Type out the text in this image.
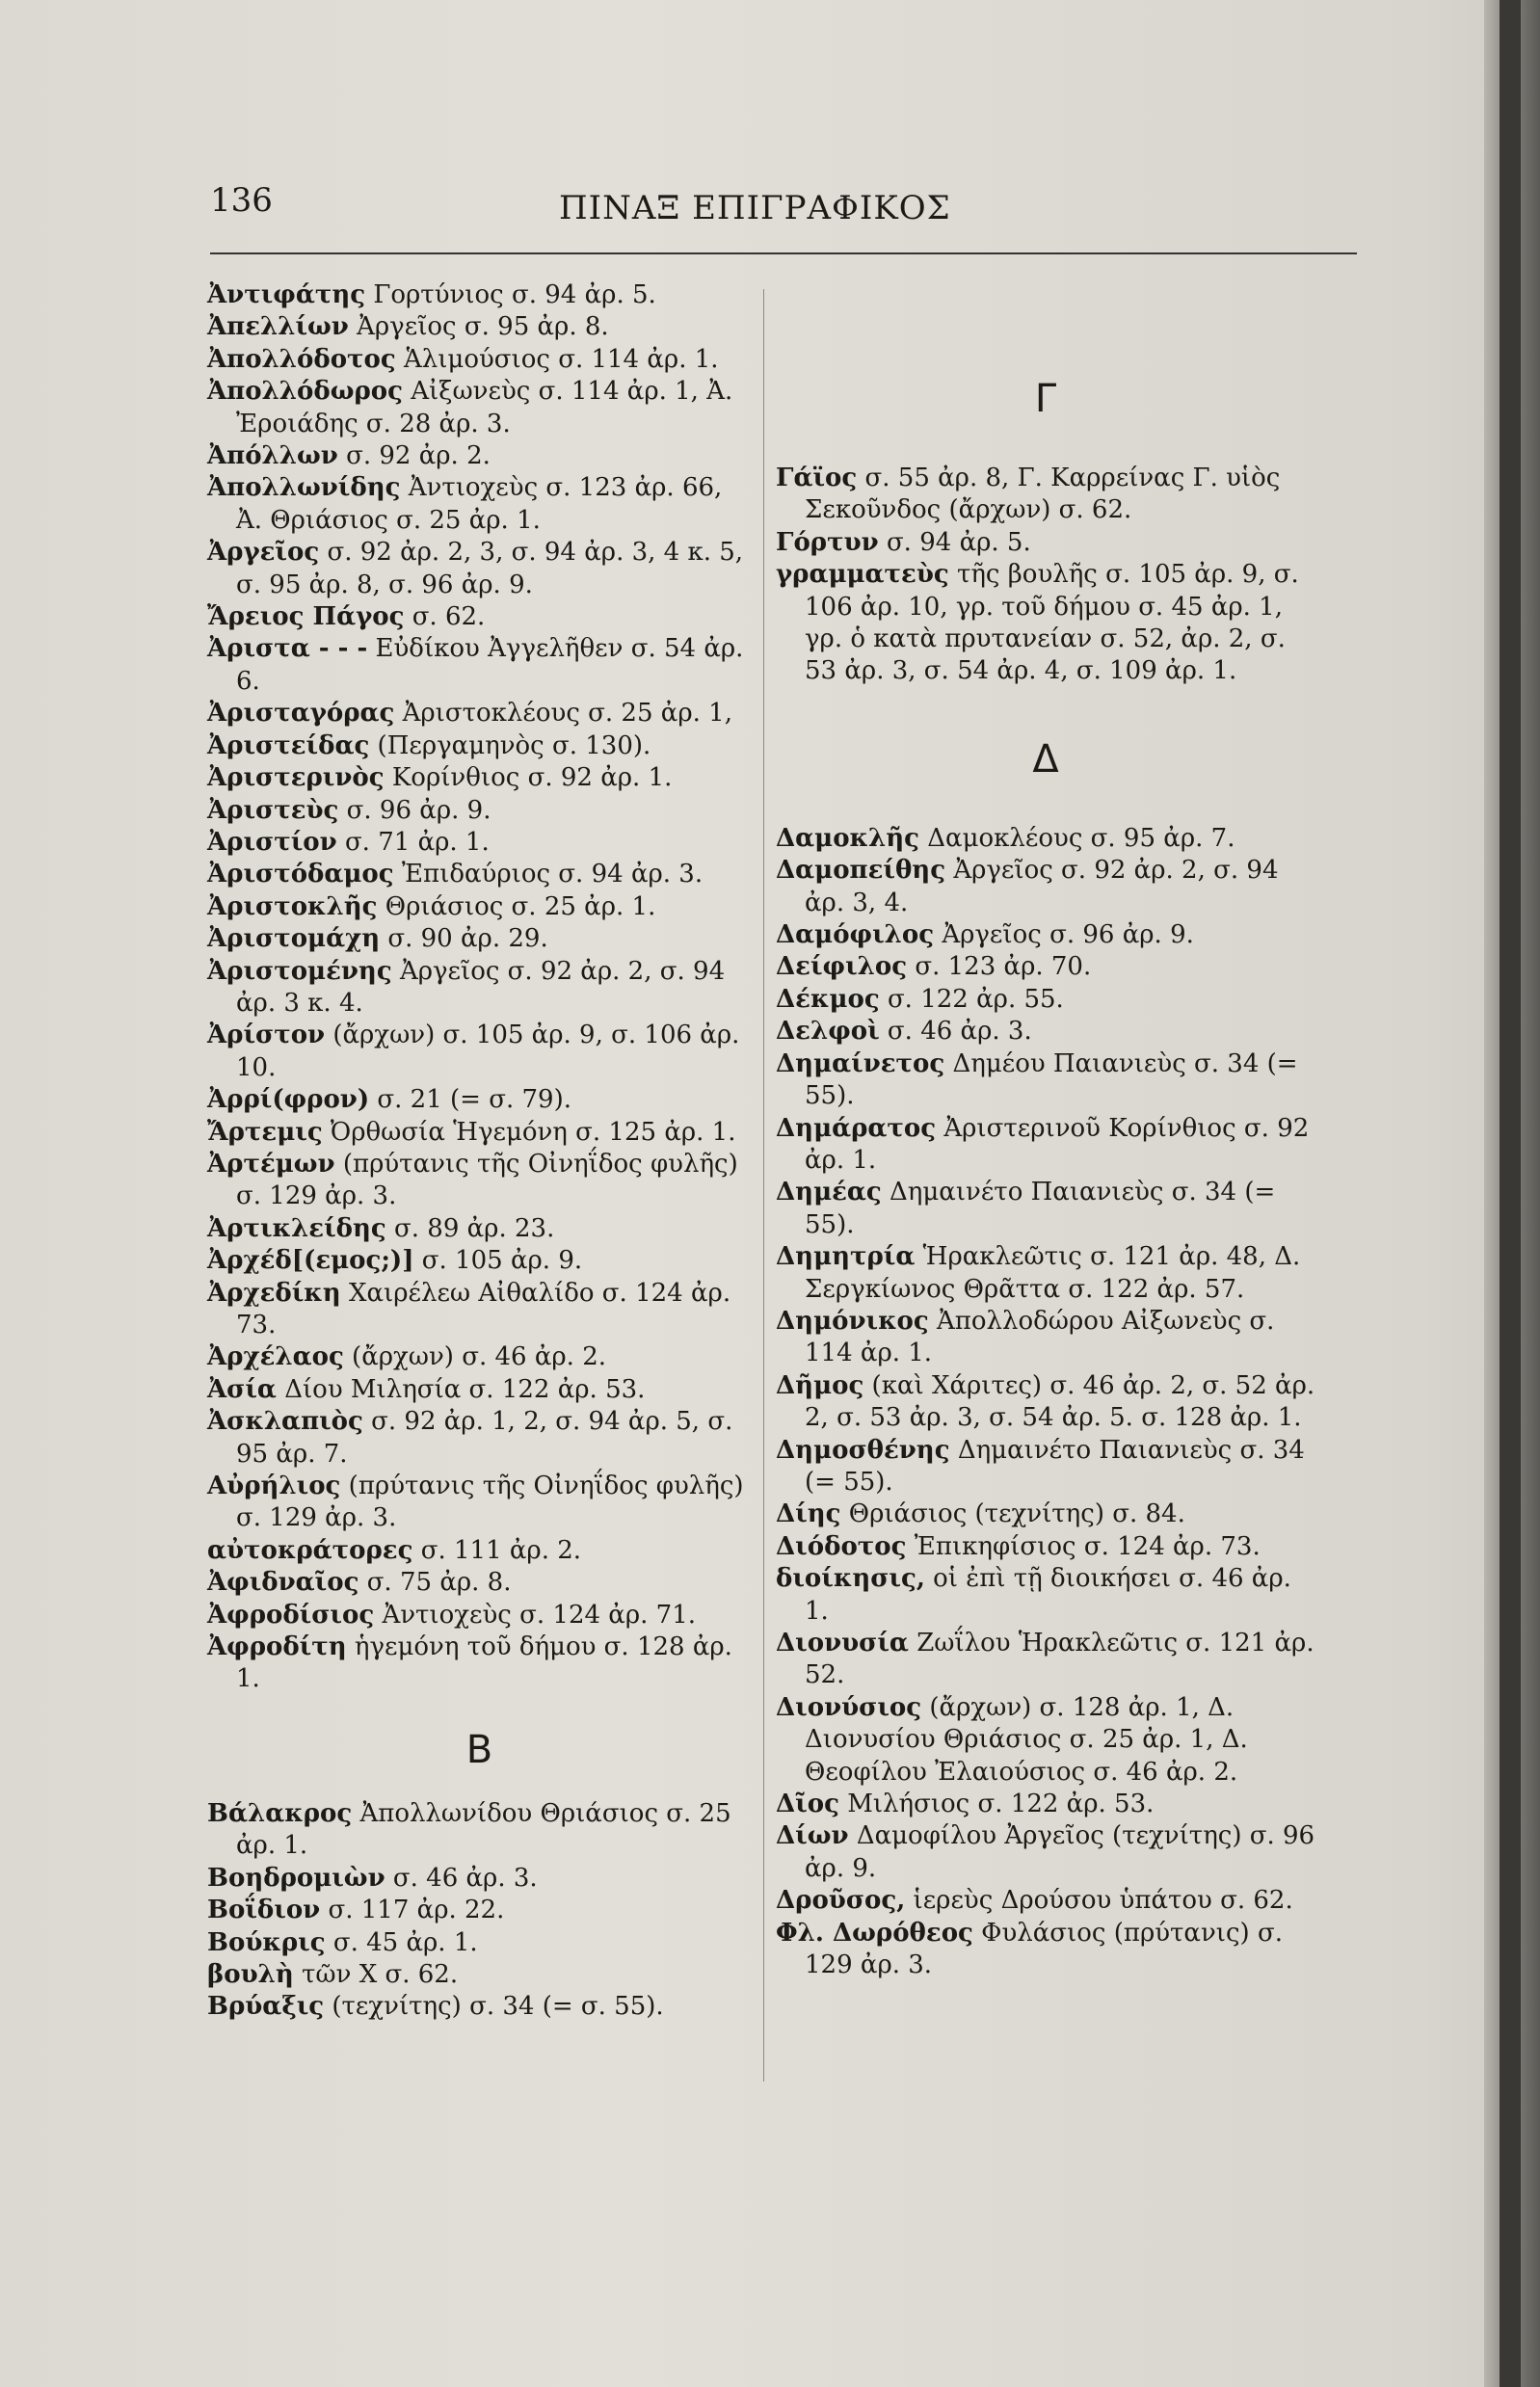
136	ΠΙΝΑΞ ΕΠΙΓΡΑΦΙΚΟΣ
Ἀντιφάτης Γορτύνιος σ. 94 ἀρ. 5.
Ἀπελλίων Ἀργεῖος σ. 95 ἀρ. 8.
Ἀπολλόδοτος Ἁλιμούσιος σ. 114 ἀρ. 1.
Ἀπολλόδωρος Αἰξωνεὺς σ. 114 ἀρ. 1, Ἀ. Ἐροιάδης σ. 28 ἀρ. 3.
Ἀπόλλων σ. 92 ἀρ. 2.
Ἀπολλωνίδης Ἀντιοχεὺς σ. 123 ἀρ. 66, Ἀ. Θριάσιος σ. 25 ἀρ. 1.
Ἀργεῖος σ. 92 ἀρ. 2, 3, σ. 94 ἀρ. 3, 4 κ. 5, σ. 95 ἀρ. 8, σ. 96 ἀρ. 9.
Ἄρειος Πάγος σ. 62.
Ἀριστα - - - Εὐδίκου Ἀγγελῆθεν σ. 54 ἀρ. 6.
Ἀρισταγόρας Ἀριστοκλέους σ. 25 ἀρ. 1,
Ἀριστείδας (Περγαμηνὸς σ. 130).
Ἀριστερινὸς Κορίνθιος σ. 92 ἀρ. 1.
Ἀριστεὺς σ. 96 ἀρ. 9.
Ἀριστίον σ. 71 ἀρ. 1.
Ἀριστόδαμος Ἐπιδαύριος σ. 94 ἀρ. 3.
Ἀριστοκλῆς Θριάσιος σ. 25 ἀρ. 1.
Ἀριστομάχη σ. 90 ἀρ. 29.
Ἀριστομένης Ἀργεῖος σ. 92 ἀρ. 2, σ. 94 ἀρ. 3 κ. 4.
Ἀρίστον (ἄρχων) σ. 105 ἀρ. 9, σ. 106 ἀρ. 10.
Ἀρρί(φρον) σ. 21 (= σ. 79).
Ἄρτεμις Ὀρθωσία Ἡγεμόνη σ. 125 ἀρ. 1.
Ἀρτέμων (πρύτανις τῆς Οἰνηΐδος φυλῆς) σ. 129 ἀρ. 3.
Ἀρτικλείδης σ. 89 ἀρ. 23.
Ἀρχέδ[(εμος;)] σ. 105 ἀρ. 9.
Ἀρχεδίκη Χαιρέλεω Αἰθαλίδο σ. 124 ἀρ. 73.
Ἀρχέλαος (ἄρχων) σ. 46 ἀρ. 2.
Ἀσία Δίου Μιλησία σ. 122 ἀρ. 53.
Ἀσκλαπιὸς σ. 92 ἀρ. 1, 2, σ. 94 ἀρ. 5, σ. 95 ἀρ. 7.
Αὐρήλιος (πρύτανις τῆς Οἰνηΐδος φυλῆς) σ. 129 ἀρ. 3.
αὐτοκράτορες σ. 111 ἀρ. 2.
Ἀφιδναῖος σ. 75 ἀρ. 8.
Ἀφροδίσιος Ἀντιοχεὺς σ. 124 ἀρ. 71.
Ἀφροδίτη ἡγεμόνη τοῦ δήμου σ. 128 ἀρ. 1.
B
Βάλακρος Ἀπολλωνίδου Θριάσιος σ. 25 ἀρ. 1.
Βοηδρομιὼν σ. 46 ἀρ. 3.
Βοΐδιον σ. 117 ἀρ. 22.
Βούκρις σ. 45 ἀρ. 1.
βουλὴ τῶν Χ σ. 62.
Βρύαξις (τεχνίτης) σ. 34 (= σ. 55).
Γ
Γάϊος σ. 55 ἀρ. 8, Γ. Καρρείνας Γ. υἱὸς Σεκοῦνδος (ἄρχων) σ. 62.
Γόρτυν σ. 94 ἀρ. 5.
γραμματεὺς τῆς βουλῆς σ. 105 ἀρ. 9, σ. 106 ἀρ. 10, γρ. τοῦ δήμου σ. 45 ἀρ. 1, γρ. ὁ κατὰ πρυτανείαν σ. 52, ἀρ. 2, σ. 53 ἀρ. 3, σ. 54 ἀρ. 4, σ. 109 ἀρ. 1.
Δ
Δαμοκλῆς Δαμοκλέους σ. 95 ἀρ. 7.
Δαμοπείθης Ἀργεῖος σ. 92 ἀρ. 2, σ. 94 ἀρ. 3, 4.
Δαμόφιλος Ἀργεῖος σ. 96 ἀρ. 9.
Δείφιλος σ. 123 ἀρ. 70.
Δέκμος σ. 122 ἀρ. 55.
Δελφοὶ σ. 46 ἀρ. 3.
Δημαίνετος Δημέου Παιανιεὺς σ. 34 (= 55).
Δημάρατος Ἀριστερινοῦ Κορίνθιος σ. 92 ἀρ. 1.
Δημέας Δημαινέτο Παιανιεὺς σ. 34 (= 55).
Δημητρία Ἡρακλεῶτις σ. 121 ἀρ. 48, Δ. Σεργκίωνος Θρᾶττα σ. 122 ἀρ. 57.
Δημόνικος Ἀπολλοδώρου Αἰξωνεὺς σ. 114 ἀρ. 1.
Δῆμος (καὶ Χάριτες) σ. 46 ἀρ. 2, σ. 52 ἀρ. 2, σ. 53 ἀρ. 3, σ. 54 ἀρ. 5. σ. 128 ἀρ. 1.
Δημοσθένης Δημαινέτο Παιανιεὺς σ. 34 (= 55).
Δίης Θριάσιος (τεχνίτης) σ. 84.
Διόδοτος Ἐπικηφίσιος σ. 124 ἀρ. 73.
διοίκησις, οἱ ἐπὶ τῇ διοικήσει σ. 46 ἀρ. 1.
Διονυσία Ζωΐλου Ἡρακλεῶτις σ. 121 ἀρ. 52.
Διονύσιος (ἄρχων) σ. 128 ἀρ. 1, Δ. Διονυσίου Θριάσιος σ. 25 ἀρ. 1, Δ. Θεοφίλου Ἐλαιούσιος σ. 46 ἀρ. 2.
Δῖος Μιλήσιος σ. 122 ἀρ. 53.
Δίων Δαμοφίλου Ἀργεῖος (τεχνίτης) σ. 96 ἀρ. 9.
Δροῦσος, ἱερεὺς Δρούσου ὑπάτου σ. 62.
Φλ. Δωρόθεος Φυλάσιος (πρύτανις) σ. 129 ἀρ. 3.
